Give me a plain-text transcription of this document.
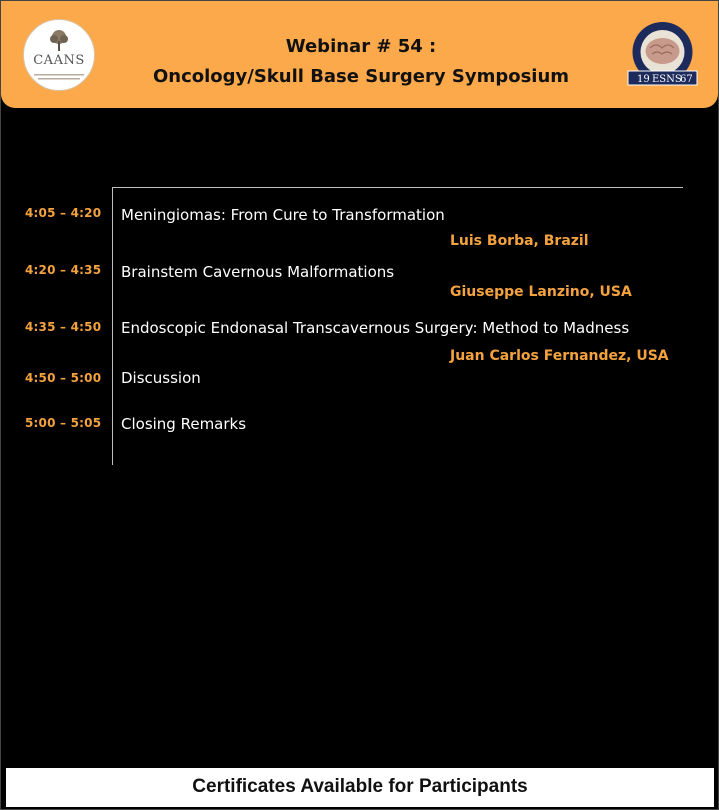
CAANS
Webinar # 54 :
Oncology/Skull Base Surgery Symposium	19 ESNS
67
4:05 – 4:20 Meningiomas: From Cure to Transformation
Luis Borba, Brazil
4:20 – 4:35 Brainstem Cavernous Malformations
Giuseppe Lanzino, USA
4:35 – 4:50 Endoscopic Endonasal Transcavernous Surgery: Method to Madness
Juan Carlos Fernandez, USA
4:50 – 5:00 Discussion
5:00 – 5:05 Closing Remarks
Certificates Available for Participants
